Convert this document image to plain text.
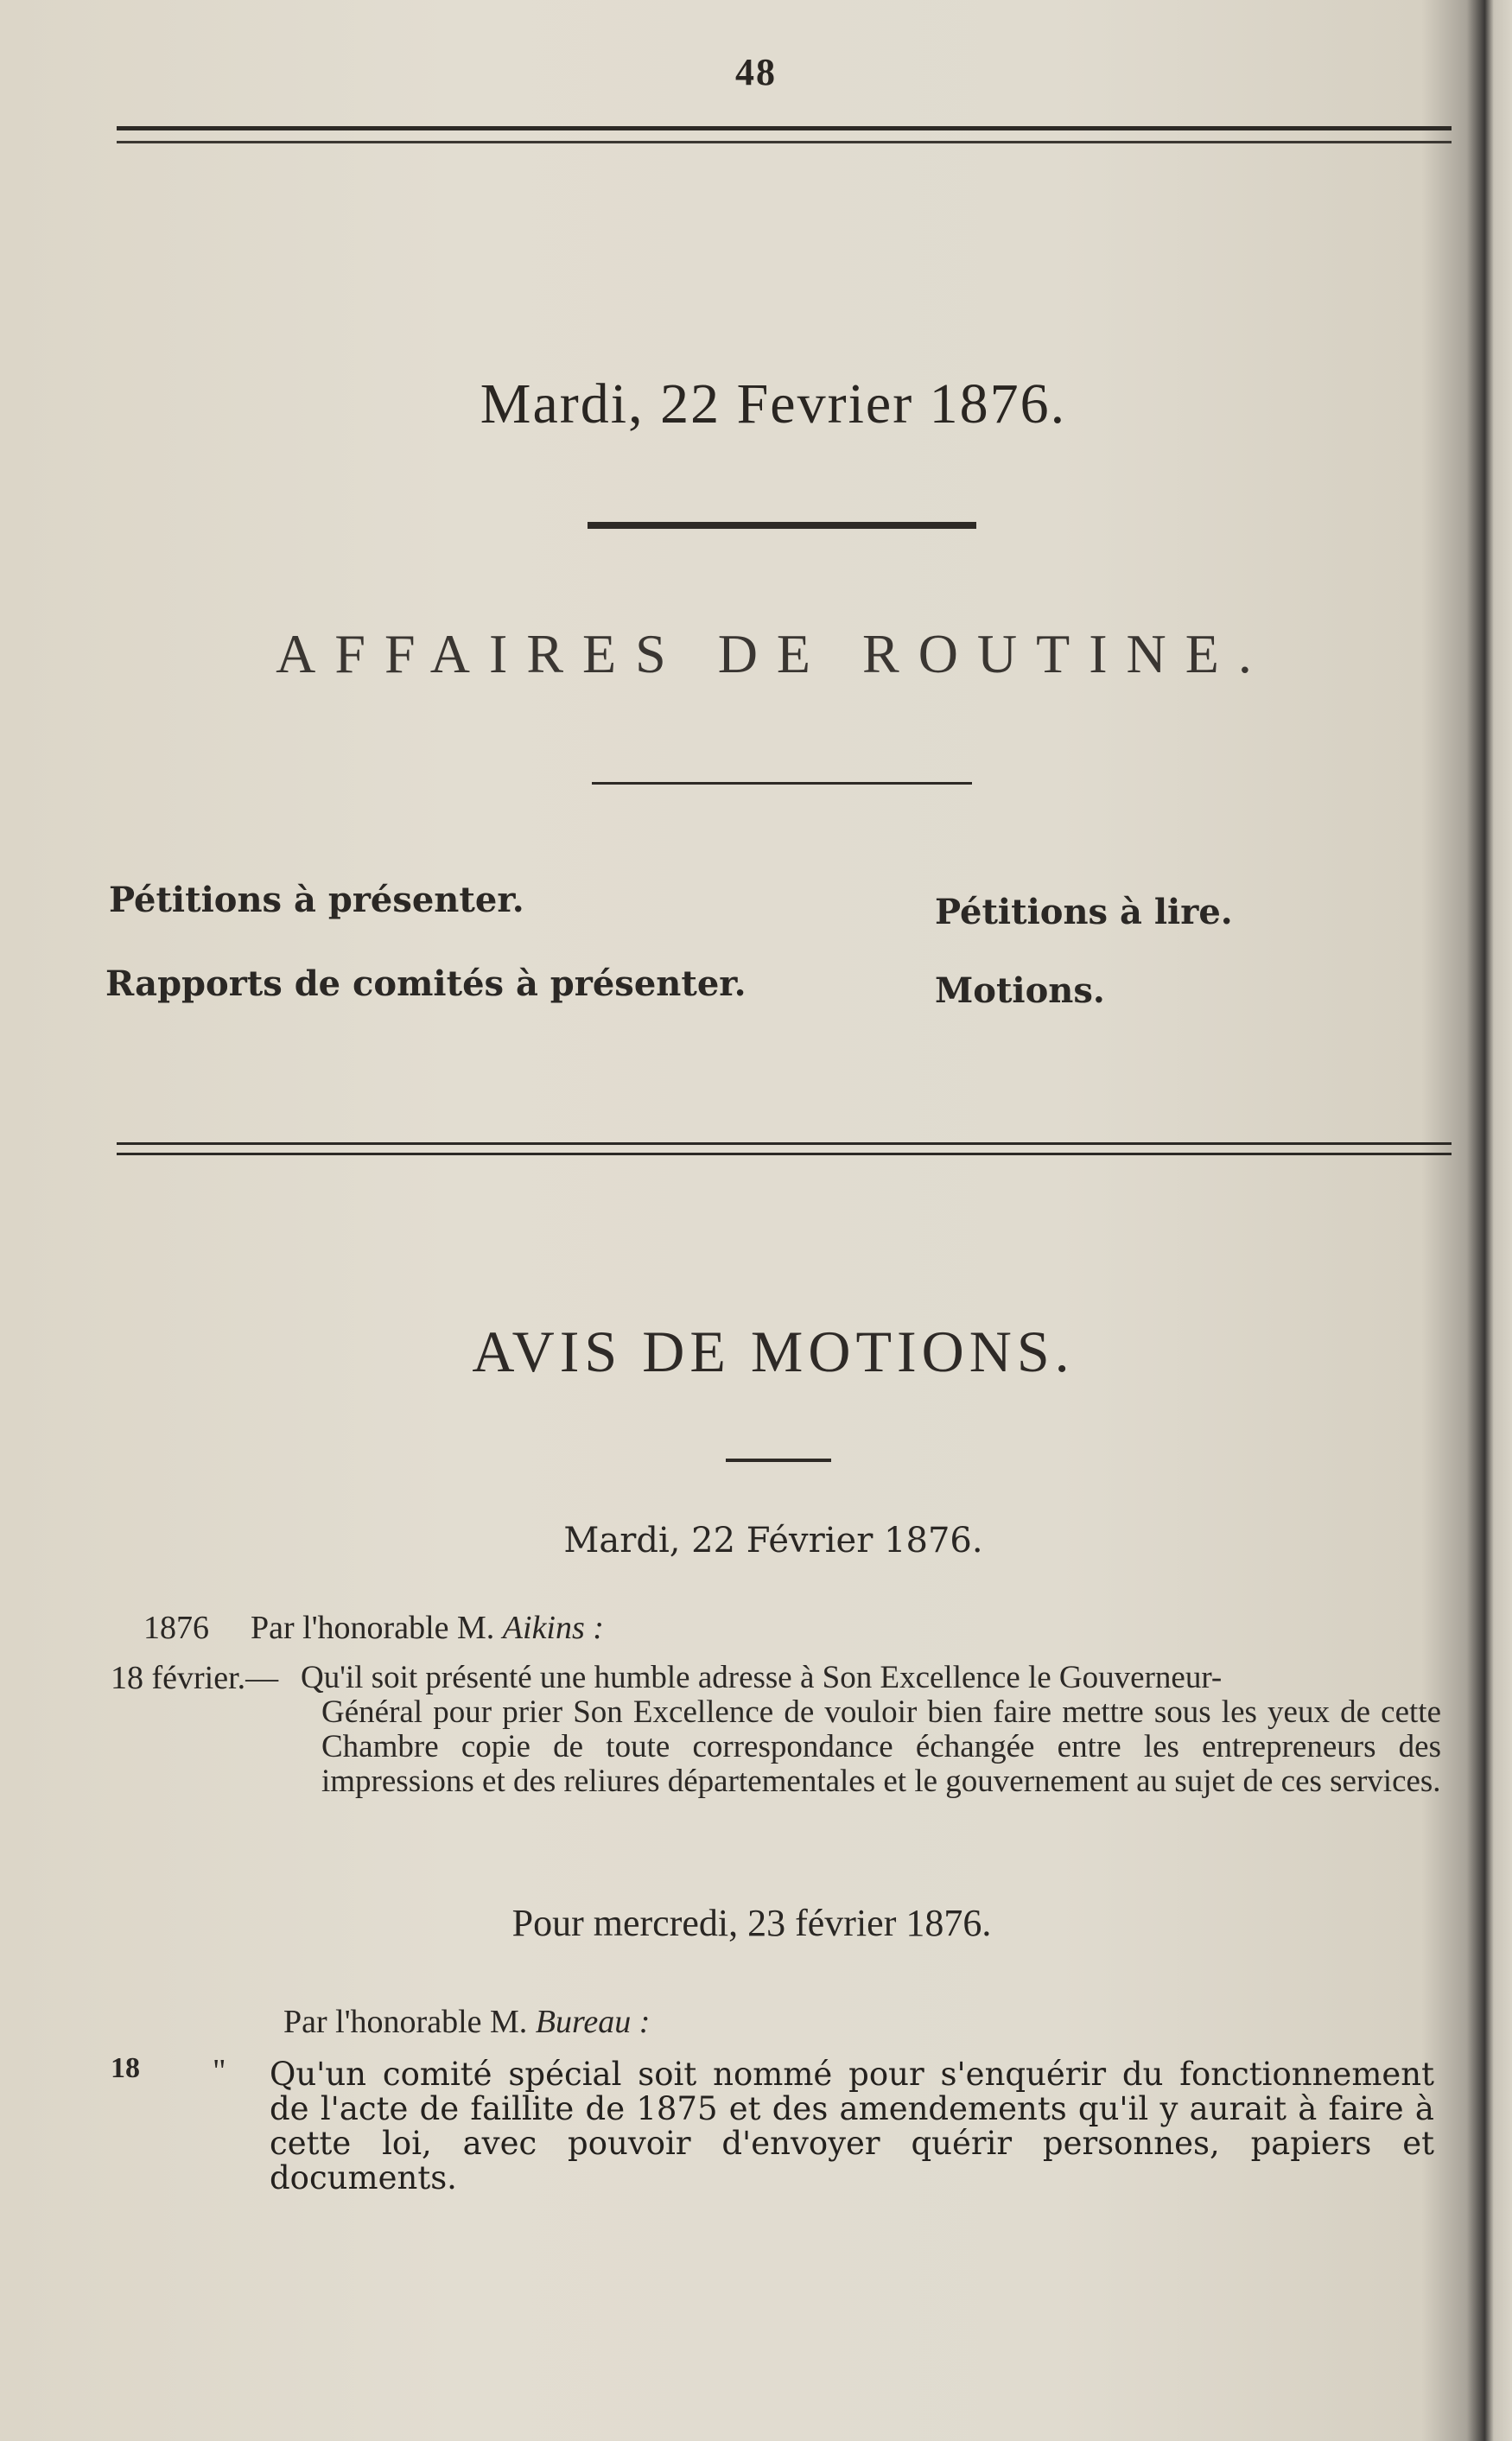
48
Mardi, 22 Fevrier 1876.
AFFAIRES DE ROUTINE.
Pétitions à présenter.
Rapports de comités à présenter.
Pétitions à lire.
Motions.
AVIS DE MOTIONS.
Mardi, 22 Février 1876.
1876 Par l'honorable M. Aikins :
18 février.— Qu'il soit présenté une humble adresse à Son Excellence le Gouverneur-
Général pour prier Son Excellence de vouloir bien faire mettre sous les yeux de cette Chambre copie de toute correspondance échangée entre les entrepreneurs des impressions et des reliures départementales et le gouvernement au sujet de ces services.
Pour mercredi, 23 février 1876.
Par l'honorable M. Bureau :
18 " Qu'un comité spécial soit nommé pour s'enquérir du fonctionnement de l'acte de faillite de 1875 et des amendements qu'il y aurait à faire à cette loi, avec pouvoir d'envoyer quérir personnes, papiers et documents.
